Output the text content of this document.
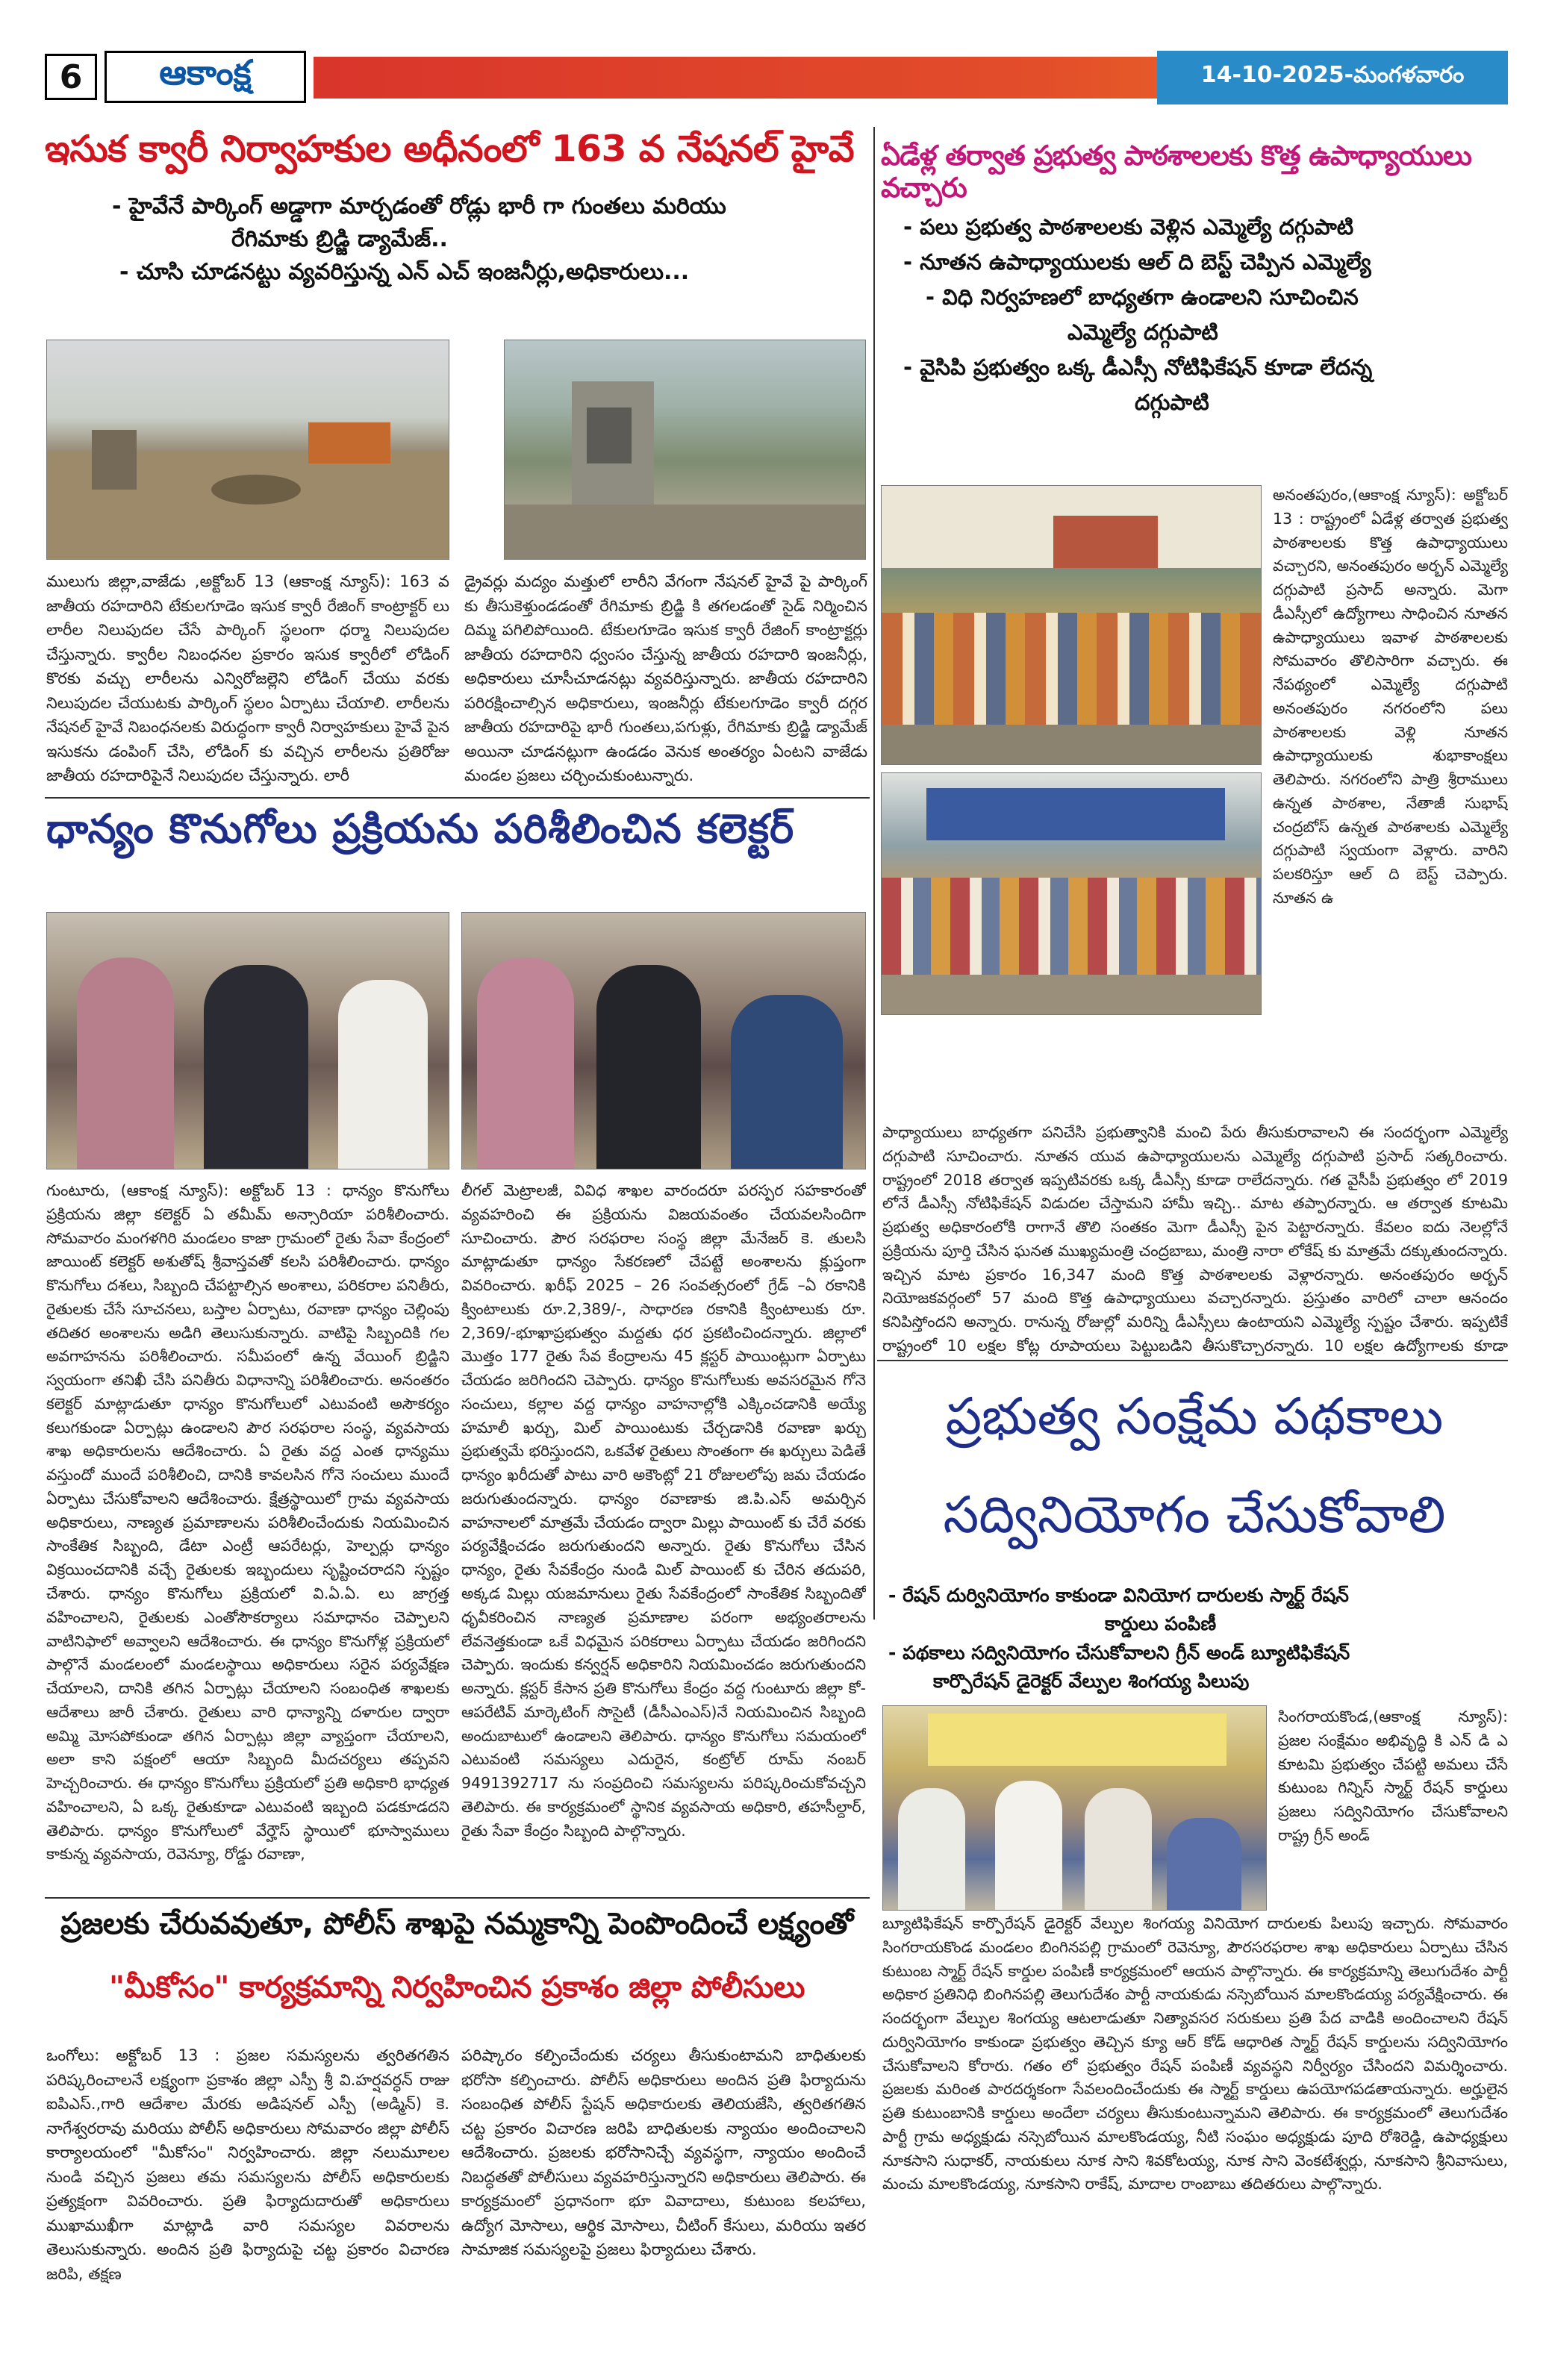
6	ఆకాంక్ష	14-10-2025-మంగళవారం
ఇసుక క్వారీ నిర్వాహకుల అధీనంలో 163 వ నేషనల్ హైవే

- హైవేనే పార్కింగ్ అడ్డాగా మార్చడంతో రోడ్లు భారీ గా గుంతలు మరియు

రేగిమాకు బ్రిడ్జి డ్యామేజ్..

- చూసి చూడనట్టు వ్యవరిస్తున్న ఎన్ ఎచ్ ఇంజనీర్లు,అధికారులు...

ములుగు జిల్లా,వాజేడు ,అక్టోబర్ 13 (ఆకాంక్ష న్యూస్): 163 వ జాతీయ రహదారిని టేకులగూడెం ఇసుక క్వారీ రేజింగ్ కాంట్రాక్టర్ లు లారీల నిలుపుదల చేసే పార్కింగ్ స్థలంగా ధర్మా నిలుపుదల చేస్తున్నారు. క్వారీల నిబంధనల ప్రకారం ఇసుక క్వారీలో లోడింగ్ కొరకు వచ్చు లారీలను ఎన్విరోజల్లెని లోడింగ్ చేయు వరకు నిలుపుదల చేయుటకు పార్కింగ్ స్థలం ఏర్పాటు చేయాలి. లారీలను నేషనల్ హైవే నిబంధనలకు విరుద్ధంగా క్వారీ నిర్వాహకులు హైవే పైన ఇసుకను డంపింగ్ చేసి, లోడింగ్ కు వచ్చిన లారీలను ప్రతిరోజు జాతీయ రహదారిపైనే నిలుపుదల చేస్తున్నారు. లారీ
డ్రైవర్లు మద్యం మత్తులో లారీని వేగంగా నేషనల్ హైవే పై పార్కింగ్ కు తీసుకెళ్తుండడంతో రేగిమాకు బ్రిడ్జి కి తగలడంతో సైడ్ నిర్మించిన దిమ్మ పగిలిపోయింది. టేకులగూడెం ఇసుక క్వారీ రేజింగ్ కాంట్రాక్టర్లు జాతీయ రహదారిని ధ్వంసం చేస్తున్న జాతీయ రహదారి ఇంజనీర్లు, అధికారులు చూసీచూడనట్లు వ్యవరిస్తున్నారు. జాతీయ రహదారిని పరిరక్షించాల్సిన అధికారులు, ఇంజనీర్లు టేకులగూడెం క్వారీ దగ్గర జాతీయ రహదారిపై భారీ గుంతలు,పగుళ్లు, రేగిమాకు బ్రిడ్జి డ్యామేజ్ అయినా చూడనట్లుగా ఉండడం వెనుక అంతర్యం ఏంటని వాజేడు మండల ప్రజలు చర్చించుకుంటున్నారు.
ధాన్యం కొనుగోలు ప్రక్రియను పరిశీలించిన కలెక్టర్
గుంటూరు, (ఆకాంక్ష న్యూస్): అక్టోబర్ 13 : ధాన్యం కొనుగోలు ప్రక్రియను జిల్లా కలెక్టర్ ఏ తమీమ్ అన్సారియా పరిశీలించారు. సోమవారం మంగళగిరి మండలం కాజా గ్రామంలో రైతు సేవా కేంద్రంలో జాయింట్ కలెక్టర్ అశుతోష్ శ్రీవాస్తవతో కలసి పరిశీలించారు. ధాన్యం కొనుగోలు దశలు, సిబ్బంది చేపట్టాల్సిన అంశాలు, పరికరాల పనితీరు, రైతులకు చేసే సూచనలు, బస్తాల ఏర్పాటు, రవాణా ధాన్యం చెల్లింపు తదితర అంశాలను అడిగి తెలుసుకున్నారు. వాటిపై సిబ్బందికి గల అవగాహనను పరిశీలించారు. సమీపంలో ఉన్న వేయింగ్ బ్రిడ్జిని స్వయంగా తనిఖీ చేసి పనితీరు విధానాన్ని పరిశీలించారు. అనంతరం కలెక్టర్ మాట్లాడుతూ ధాన్యం కొనుగోలులో ఎటువంటి అసౌకర్యం కలుగకుండా ఏర్పాట్లు ఉండాలని పౌర సరఫరాల సంస్థ, వ్యవసాయ శాఖ అధికారులను ఆదేశించారు. ఏ రైతు వద్ద ఎంత ధాన్యము వస్తుందో ముందే పరిశీలించి, దానికి కావలసిన గోనె సంచులు ముందే ఏర్పాటు చేసుకోవాలని ఆదేశించారు. క్షేత్రస్థాయిలో గ్రామ వ్యవసాయ అధికారులు, నాణ్యత ప్రమాణాలను పరిశీలించేందుకు నియమించిన సాంకేతిక సిబ్బంది, డేటా ఎంట్రీ ఆపరేటర్లు, హెల్పర్లు ధాన్యం విక్రయించదానికి వచ్చే రైతులకు ఇబ్బందులు సృష్టించరాదని స్పష్టం చేశారు. ధాన్యం కొనుగోలు ప్రక్రియలో వి.ఏ.ఏ. లు జాగ్రత్త వహించాలని, రైతులకు ఎంతోసౌకర్యాలు సమాధానం చెప్పాలని వాటినిఫాలో అవ్వాలని ఆదేశించారు. ఈ ధాన్యం కొనుగోళ్ల ప్రక్రియలో పాల్గొనే మండలంలో మండలస్థాయి అధికారులు సరైన పర్యవేక్షణ చేయాలని, దానికి తగిన ఏర్పాట్లు చేయాలని సంబంధిత శాఖలకు ఆదేశాలు జారీ చేశారు. రైతులు వారి ధాన్యాన్ని దళారుల ద్వారా అమ్మి మోసపోకుండా తగిన ఏర్పాట్లు జిల్లా వ్యాప్తంగా చేయాలని, అలా కాని పక్షంలో ఆయా సిబ్బంది మీదచర్యలు తప్పవని హెచ్చరించారు. ఈ ధాన్యం కొనుగోలు ప్రక్రియలో ప్రతి అధికారి భాధ్యత వహించాలని, ఏ ఒక్క రైతుకూడా ఎటువంటి ఇబ్బంది పడకూడదని తెలిపారు. ధాన్యం కొనుగోలులో వేర్హౌస్ స్థాయిలో భూస్వాములు కాకున్న వ్యవసాయ, రెవెన్యూ, రోడ్డు రవాణా,
లీగల్ మెట్రాలజీ, వివిధ శాఖల వారందరూ పరస్పర సహకారంతో వ్యవహరించి ఈ ప్రక్రియను విజయవంతం చేయవలసిందిగా సూచించారు. పౌర సరఫరాల సంస్థ జిల్లా మేనేజర్ కె. తులసి మాట్లాడుతూ ధాన్యం సేకరణలో చేపట్టే అంశాలను క్లుప్తంగా వివరించారు. ఖరీఫ్ 2025 – 26 సంవత్సరంలో గ్రేడ్ –ఏ రకానికి క్వింటాలుకు రూ.2,389/-, సాధారణ రకానికి క్వింటాలుకు రూ. 2,369/-భూఖాప్రభుత్వం మద్దతు ధర ప్రకటించిందన్నారు. జిల్లాలో మొత్తం 177 రైతు సేవ కేంద్రాలను 45 క్లస్టర్ పాయింట్లుగా ఏర్పాటు చేయడం జరిగిందని చెప్పారు. ధాన్యం కొనుగోలుకు అవసరమైన గోనె సంచులు, కల్లాల వద్ద ధాన్యం వాహనాల్లోకి ఎక్కించడానికి అయ్యే హమాలీ ఖర్చు, మిల్ పాయింటుకు చేర్చడానికి రవాణా ఖర్చు ప్రభుత్వమే భరిస్తుందని, ఒకవేళ రైతులు సొంతంగా ఈ ఖర్చులు పెడితే ధాన్యం ఖరీదుతో పాటు వారి అకౌంట్లో 21 రోజులలోపు జమ చేయడం జరుగుతుందన్నారు. ధాన్యం రవాణాకు జి.పి.ఎస్ అమర్చిన వాహనాలలో మాత్రమే చేయడం ద్వారా మిల్లు పాయింట్ కు చేరే వరకు పర్యవేక్షించడం జరుగుతుందని అన్నారు. రైతు కొనుగోలు చేసిన ధాన్యం, రైతు సేవకేంద్రం నుండి మిల్ పాయింట్ కు చేరిన తదుపరి, అక్కడ మిల్లు యజమానులు రైతు సేవకేంద్రంలో సాంకేతిక సిబ్బందితో ధృవీకరించిన నాణ్యత ప్రమాణాల పరంగా అభ్యంతరాలను లేవనెత్తకుండా ఒకే విధమైన పరికరాలు ఏర్పాటు చేయడం జరిగిందని చెప్పారు. ఇందుకు కన్వర్షన్ అధికారిని నియమించడం జరుగుతుందని అన్నారు. క్లస్టర్ కేసాన ప్రతి కొనుగోలు కేంద్రం వద్ద గుంటూరు జిల్లా కో-ఆపరేటివ్ మార్కెటింగ్ సొసైటీ (డీసీఎంఎస్)నే నియమించిన సిబ్బంది అందుబాటులో ఉండాలని తెలిపారు. ధాన్యం కొనుగోలు సమయంలో ఎటువంటి సమస్యలు ఎదురైన, కంట్రోల్ రూమ్ నంబర్ 9491392717 ను సంప్రదించి సమస్యలను పరిష్కరించుకోవచ్చని తెలిపారు. ఈ కార్యక్రమంలో స్థానిక వ్యవసాయ అధికారి, తహసీల్దార్, రైతు సేవా కేంద్రం సిబ్బంది పాల్గొన్నారు.
ప్రజలకు చేరువవుతూ, పోలీస్ శాఖపై నమ్మకాన్ని పెంపొందించే లక్ష్యంతో
"మీకోసం" కార్యక్రమాన్ని నిర్వహించిన ప్రకాశం జిల్లా పోలీసులు
ఒంగోలు: అక్టోబర్ 13 : ప్రజల సమస్యలను త్వరితగతిన పరిష్కరించాలనే లక్ష్యంగా ప్రకాశం జిల్లా ఎస్పీ శ్రీ వి.హర్షవర్ధన్ రాజు ఐపిఎస్.,గారి ఆదేశాల మేరకు అడిషనల్ ఎస్పీ (అడ్మిన్) కె. నాగేశ్వరరావు మరియు పోలీస్ అధికారులు సోమవారం జిల్లా పోలీస్ కార్యాలయంలో "మీకోసం" నిర్వహించారు. జిల్లా నలుమూలల నుండి వచ్చిన ప్రజలు తమ సమస్యలను పోలీస్ అధికారులకు ప్రత్యక్షంగా వివరించారు. ప్రతి ఫిర్యాదుదారుతో అధికారులు ముఖాముఖీగా మాట్లాడి వారి సమస్యల వివరాలను తెలుసుకున్నారు. అందిన ప్రతి ఫిర్యాదుపై చట్ట ప్రకారం విచారణ జరిపి, తక్షణ
పరిష్కారం కల్పించేందుకు చర్యలు తీసుకుంటామని బాధితులకు భరోసా కల్పించారు. పోలీస్ అధికారులు అందిన ప్రతి ఫిర్యాదును సంబంధిత పోలీస్ స్టేషన్ అధికారులకు తెలియజేసి, త్వరితగతిన చట్ట ప్రకారం విచారణ జరిపి బాధితులకు న్యాయం అందించాలని ఆదేశించారు. ప్రజలకు భరోసానిచ్చే వ్యవస్థగా, న్యాయం అందించే నిబద్ధతతో పోలీసులు వ్యవహరిస్తున్నారని అధికారులు తెలిపారు. ఈ కార్యక్రమంలో ప్రధానంగా భూ వివాదాలు, కుటుంబ కలహాలు, ఉద్యోగ మోసాలు, ఆర్థిక మోసాలు, చీటింగ్ కేసులు, మరియు ఇతర సామాజిక సమస్యలపై ప్రజలు ఫిర్యాదులు చేశారు.
ఏడేళ్ల తర్వాత ప్రభుత్వ పాఠశాలలకు కొత్త ఉపాధ్యాయులు వచ్చారు

- పలు ప్రభుత్వ పాఠశాలలకు వెళ్లిన ఎమ్మెల్యే దగ్గుపాటి

- నూతన ఉపాధ్యాయులకు ఆల్ ది బెస్ట్ చెప్పిన ఎమ్మెల్యే

- విధి నిర్వహణలో బాధ్యతగా ఉండాలని సూచించిన

ఎమ్మెల్యే దగ్గుపాటి

- వైసిపి ప్రభుత్వం ఒక్క డీఎస్సీ నోటిఫికేషన్ కూడా లేదన్న

దగ్గుపాటి

అనంతపురం,(ఆకాంక్ష న్యూస్): అక్టోబర్ 13 : రాష్ట్రంలో ఏడేళ్ల తర్వాత ప్రభుత్వ పాఠశాలలకు కొత్త ఉపాధ్యాయులు వచ్చారని, అనంతపురం అర్బన్ ఎమ్మెల్యే దగ్గుపాటి ప్రసాద్ అన్నారు. మెగా డీఎస్సీలో ఉద్యోగాలు సాధించిన నూతన ఉపాధ్యాయులు ఇవాళ పాఠశాలలకు సోమవారం తొలిసారిగా వచ్చారు. ఈ నేపథ్యంలో ఎమ్మెల్యే దగ్గుపాటి అనంతపురం నగరంలోని పలు పాఠశాలలకు వెళ్లి నూతన ఉపాధ్యాయులకు శుభాకాంక్షలు తెలిపారు. నగరంలోని పాత్రి శ్రీరాములు ఉన్నత పాఠశాల, నేతాజీ సుభాష్ చంద్రబోస్ ఉన్నత పాఠశాలకు ఎమ్మెల్యే దగ్గుపాటి స్వయంగా వెళ్లారు. వారిని పలకరిస్తూ ఆల్ ది బెస్ట్ చెప్పారు. నూతన ఉ
పాధ్యాయులు బాధ్యతగా పనిచేసి ప్రభుత్వానికి మంచి పేరు తీసుకురావాలని ఈ సందర్భంగా ఎమ్మెల్యే దగ్గుపాటి సూచించారు. నూతన యువ ఉపాధ్యాయులను ఎమ్మెల్యే దగ్గుపాటి ప్రసాద్ సత్కరించారు. రాష్ట్రంలో 2018 తర్వాత ఇప్పటివరకు ఒక్క డీఎస్సీ కూడా రాలేదన్నారు. గత వైసీపీ ప్రభుత్వం లో 2019 లోనే డీఎస్సీ నోటిఫికేషన్ విడుదల చేస్తామని హామీ ఇచ్చి.. మాట తప్పారన్నారు. ఆ తర్వాత కూటమి ప్రభుత్వ అధికారంలోకి రాగానే తొలి సంతకం మెగా డీఎస్సీ పైన పెట్టారన్నారు. కేవలం ఐదు నెలల్లోనే ప్రక్రియను పూర్తి చేసిన ఘనత ముఖ్యమంత్రి చంద్రబాబు, మంత్రి నారా లోకేష్ కు మాత్రమే దక్కుతుందన్నారు. ఇచ్చిన మాట ప్రకారం 16,347 మంది కొత్త పాఠశాలలకు వెళ్లారన్నారు. అనంతపురం అర్బన్ నియోజకవర్గంలో 57 మంది కొత్త ఉపాధ్యాయులు వచ్చారన్నారు. ప్రస్తుతం వారిలో చాలా ఆనందం కనిపిస్తోందని అన్నారు. రానున్న రోజుల్లో మరిన్ని డీఎస్సీలు ఉంటాయని ఎమ్మెల్యే స్పష్టం చేశారు. ఇప్పటికే రాష్ట్రంలో 10 లక్షల కోట్ల రూపాయలు పెట్టుబడిని తీసుకొచ్చారన్నారు. 10 లక్షల ఉద్యోగాలకు కూడా
ప్రభుత్వ సంక్షేమ పథకాలు
సద్వినియోగం చేసుకోవాలి

- రేషన్ దుర్వినియోగం కాకుండా వినియోగ దారులకు స్మార్ట్ రేషన్

కార్డులు పంపిణీ

- పథకాలు సద్వినియోగం చేసుకోవాలని గ్రీన్ అండ్ బ్యూటిఫికేషన్

కార్పొరేషన్ డైరెక్టర్ వేల్పుల శింగయ్య పిలుపు

సింగరాయకొండ,(ఆకాంక్ష న్యూస్): ప్రజల సంక్షేమం అభివృద్ధి కి ఎన్ డి ఎ కూటమి ప్రభుత్వం చేపట్టి అమలు చేసే కుటుంబ గిన్నిస్ స్మార్ట్ రేషన్ కార్డులు ప్రజలు సద్వినియోగం చేసుకోవాలని రాష్ట్ర గ్రీన్ అండ్
బ్యూటిఫికేషన్ కార్పొరేషన్ డైరెక్టర్ వేల్పుల శింగయ్య వినియోగ దారులకు పిలుపు ఇచ్చారు. సోమవారం సింగరాయకొండ మండలం బింగినపల్లి గ్రామంలో రెవెన్యూ, పౌరసరఫరాల శాఖ అధికారులు ఏర్పాటు చేసిన కుటుంబ స్మార్ట్ రేషన్ కార్డుల పంపిణీ కార్యక్రమంలో ఆయన పాల్గొన్నారు. ఈ కార్యక్రమాన్ని తెలుగుదేశం పార్టీ అధికార ప్రతినిధి బింగినపల్లి తెలుగుదేశం పార్టీ నాయకుడు నస్సెబోయిన మాలకొండయ్య పర్యవేక్షించారు. ఈ సందర్భంగా వేల్పుల శింగయ్య ఆటలాడుతూ నిత్యావసర సరుకులు ప్రతి పేద వాడికి అందించాలని రేషన్ దుర్వినియోగం కాకుండా ప్రభుత్వం తెచ్చిన క్యూ ఆర్ కోడ్ ఆధారిత స్మార్ట్ రేషన్ కార్డులను సద్వినియోగం చేసుకోవాలని కోరారు. గతం లో ప్రభుత్వం రేషన్ పంపిణీ వ్యవస్థని నిర్వీర్యం చేసిందని విమర్శించారు. ప్రజలకు మరింత పారదర్శకంగా సేవలందించేందుకు ఈ స్మార్ట్ కార్డులు ఉపయోగపడతాయన్నారు. అర్హులైన ప్రతి కుటుంబానికి కార్డులు అందేలా చర్యలు తీసుకుంటున్నామని తెలిపారు. ఈ కార్యక్రమంలో తెలుగుదేశం పార్టీ గ్రామ అధ్యక్షుడు నస్సెబోయిన మాలకొండయ్య, నీటి సంఘం అధ్యక్షుడు పూది రోశిరెడ్డి, ఉపాధ్యక్షులు నూకసాని సుధాకర్, నాయకులు నూక సాని శివకోటయ్య, నూక సాని వెంకటేశ్వర్లు, నూకసాని శ్రీనివాసులు, మంచు మాలకొండయ్య, నూకసాని రాకేష్, మాదాల రాంబాబు తదితరులు పాల్గొన్నారు.
